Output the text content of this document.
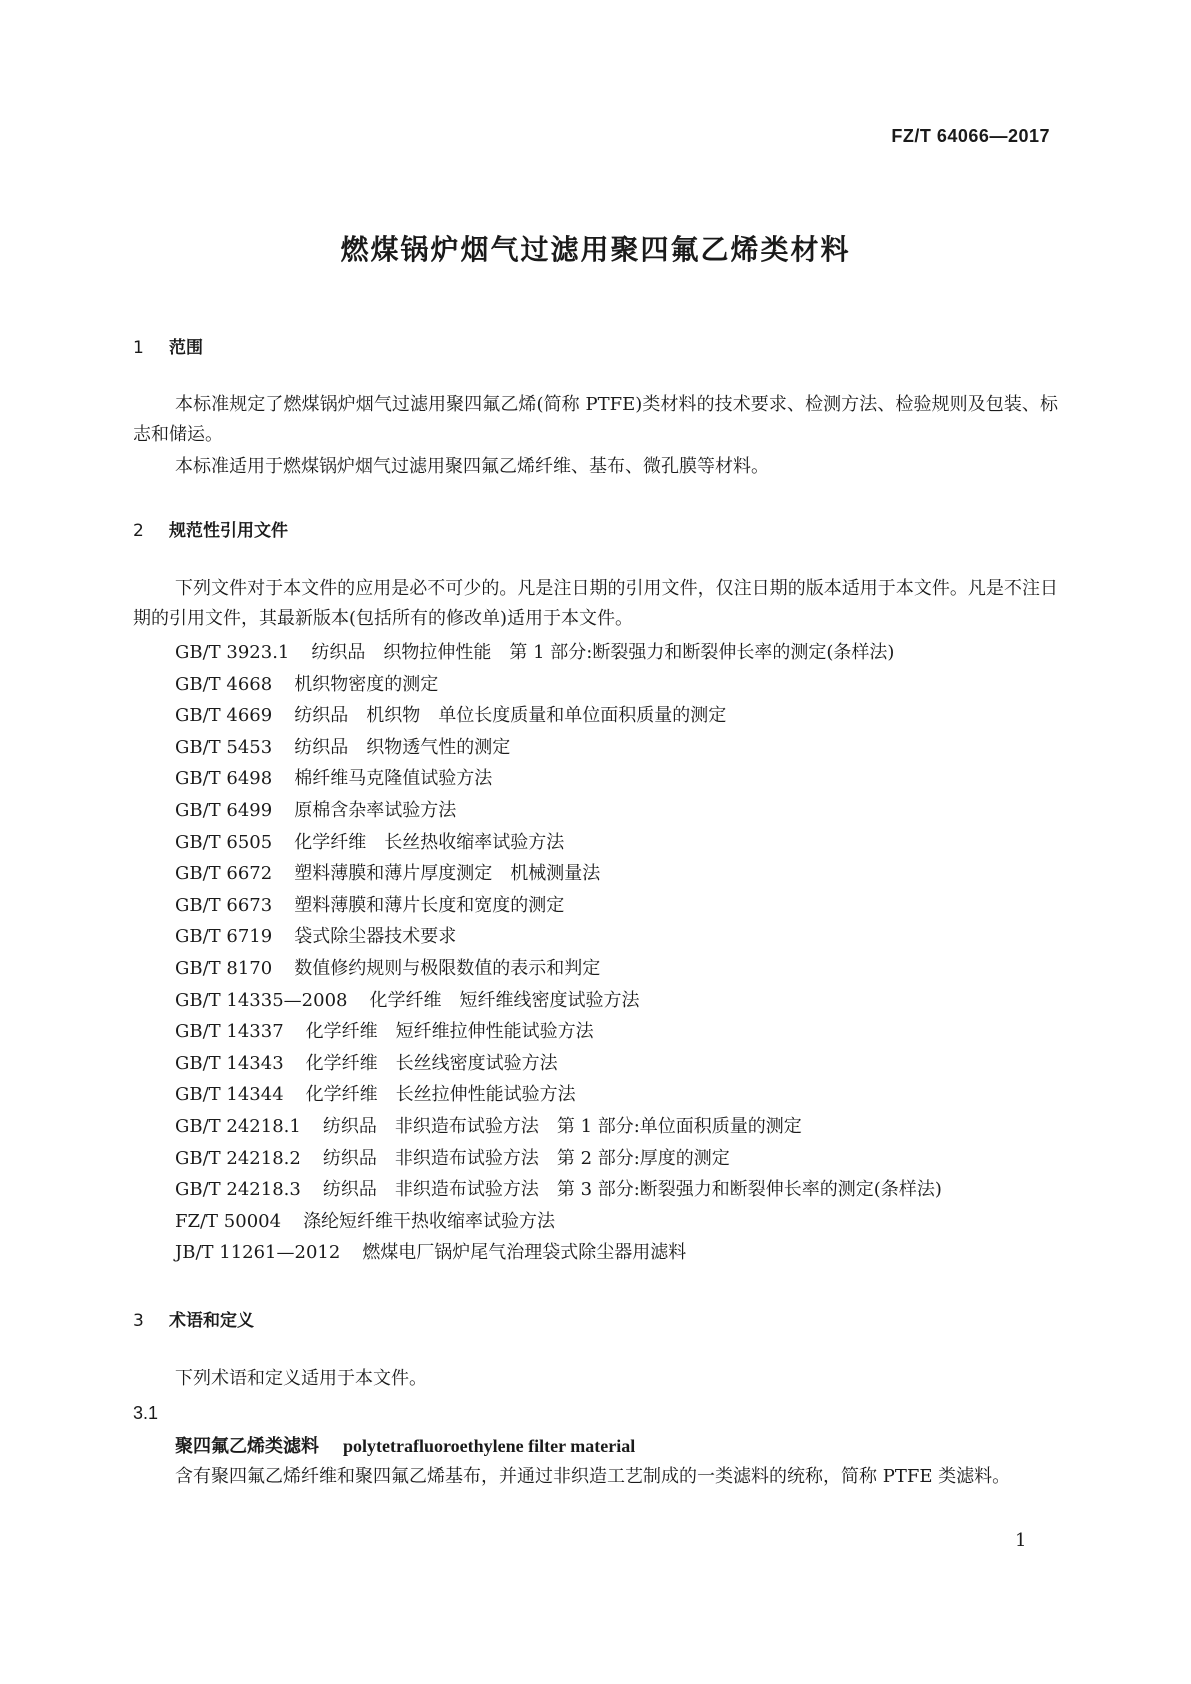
FZ/T 64066—2017
燃煤锅炉烟气过滤用聚四氟乙烯类材料
1 范围
本标准规定了燃煤锅炉烟气过滤用聚四氟乙烯(简称 PTFE)类材料的技术要求、检测方法、检验规则及包装、标志和储运。
本标准适用于燃煤锅炉烟气过滤用聚四氟乙烯纤维、基布、微孔膜等材料。
2 规范性引用文件
下列文件对于本文件的应用是必不可少的。凡是注日期的引用文件，仅注日期的版本适用于本文件。凡是不注日期的引用文件，其最新版本(包括所有的修改单)适用于本文件。
GB/T 3923.1 纺织品　织物拉伸性能　第 1 部分:断裂强力和断裂伸长率的测定(条样法)
GB/T 4668 机织物密度的测定
GB/T 4669 纺织品　机织物　单位长度质量和单位面积质量的测定
GB/T 5453 纺织品　织物透气性的测定
GB/T 6498 棉纤维马克隆值试验方法
GB/T 6499 原棉含杂率试验方法
GB/T 6505 化学纤维　长丝热收缩率试验方法
GB/T 6672 塑料薄膜和薄片厚度测定　机械测量法
GB/T 6673 塑料薄膜和薄片长度和宽度的测定
GB/T 6719 袋式除尘器技术要求
GB/T 8170 数值修约规则与极限数值的表示和判定
GB/T 14335—2008 化学纤维　短纤维线密度试验方法
GB/T 14337 化学纤维　短纤维拉伸性能试验方法
GB/T 14343 化学纤维　长丝线密度试验方法
GB/T 14344 化学纤维　长丝拉伸性能试验方法
GB/T 24218.1 纺织品　非织造布试验方法　第 1 部分:单位面积质量的测定
GB/T 24218.2 纺织品　非织造布试验方法　第 2 部分:厚度的测定
GB/T 24218.3 纺织品　非织造布试验方法　第 3 部分:断裂强力和断裂伸长率的测定(条样法)
FZ/T 50004 涤纶短纤维干热收缩率试验方法
JB/T 11261—2012 燃煤电厂锅炉尾气治理袋式除尘器用滤料
3 术语和定义
下列术语和定义适用于本文件。
3.1
聚四氟乙烯类滤料 polytetrafluoroethylene filter material
含有聚四氟乙烯纤维和聚四氟乙烯基布，并通过非织造工艺制成的一类滤料的统称，简称 PTFE 类滤料。
1
